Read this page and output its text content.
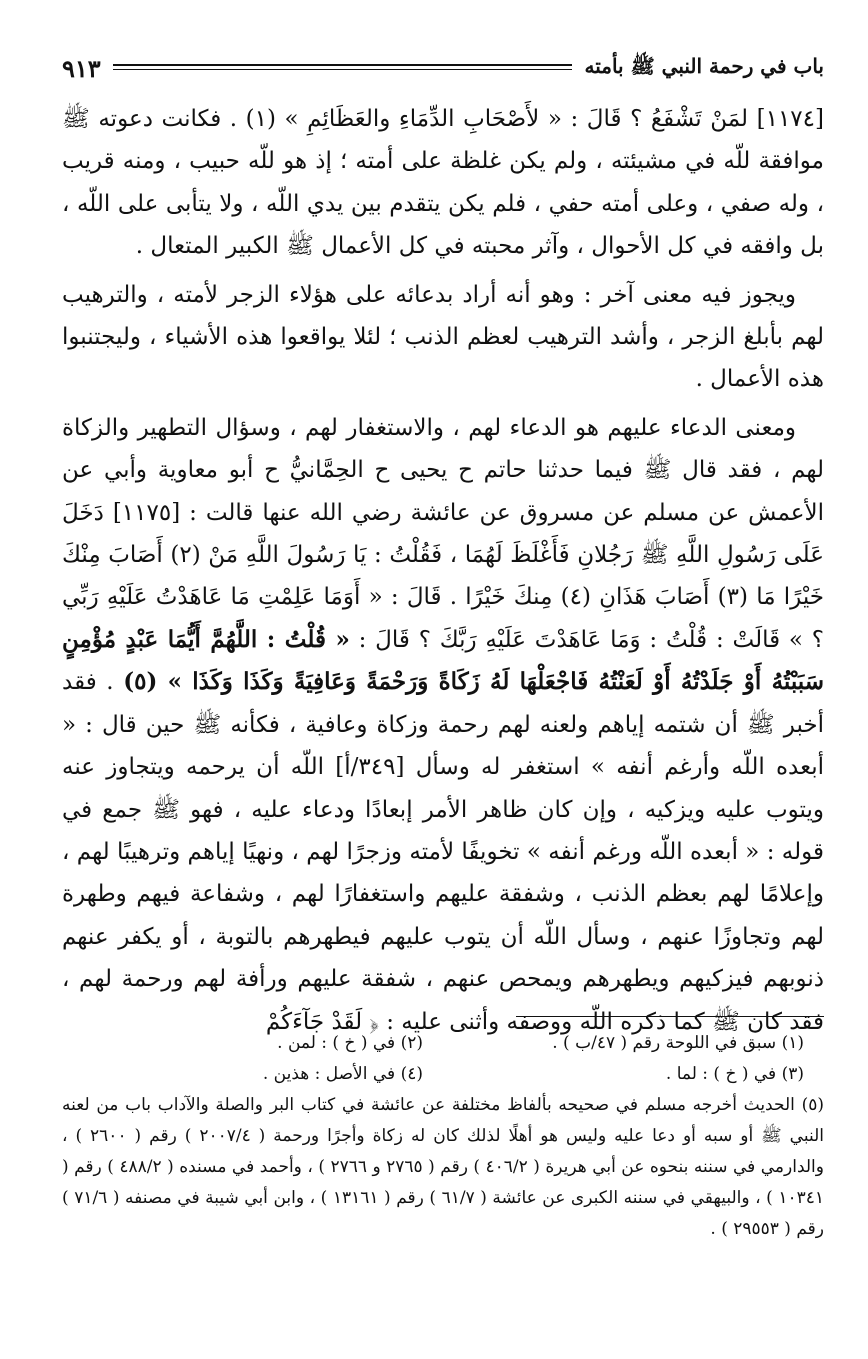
باب في رحمة النبي ﷺ بأمته
٩١٣

[١١٧٤] لمَنْ تَشْفَعُ ؟ قَالَ : « لأَصْحَابِ الدِّمَاءِ والعَظَائِمِ » (١) . فكانت دعوته ﷺ موافقة للّه في مشيئته ، ولم يكن غلظة على أمته ؛ إذ هو للّه حبيب ، ومنه قريب ، وله صفي ، وعلى أمته حفي ، فلم يكن يتقدم بين يدي اللّه ، ولا يتأبى على اللّه ، بل وافقه في كل الأحوال ، وآثر محبته في كل الأعمال ﷺ الكبير المتعال .

ويجوز فيه معنى آخر : وهو أنه أراد بدعائه على هؤلاء الزجر لأمته ، والترهيب لهم بأبلغ الزجر ، وأشد الترهيب لعظم الذنب ؛ لئلا يواقعوا هذه الأشياء ، وليجتنبوا هذه الأعمال .

ومعنى الدعاء عليهم هو الدعاء لهم ، والاستغفار لهم ، وسؤال التطهير والزكاة لهم ، فقد قال ﷺ فيما حدثنا حاتم ح يحيى ح الحِمَّانيُّ ح أبو معاوية وأبي عن الأعمش عن مسلم عن مسروق عن عائشة رضي الله عنها قالت : [١١٧٥] دَخَلَ عَلَى رَسُولِ اللَّهِ ﷺ رَجُلانِ فَأَغْلَظَ لَهُمَا ، فَقُلْتُ : يَا رَسُولَ اللَّهِ مَنْ (٢) أَصَابَ مِنْكَ خَيْرًا مَا (٣) أَصَابَ هَذَانِ (٤) مِنكَ خَيْرًا . قَالَ : « أَوَمَا عَلِمْتِ مَا عَاهَدْتُ عَلَيْهِ رَبِّي ؟ » قَالَتْ : قُلْتُ : وَمَا عَاهَدْتَ عَلَيْهِ رَبَّكَ ؟ قَالَ : « قُلْتُ : اللَّهُمَّ أَيُّمَا عَبْدٍ مُؤْمِنٍ سَبَبْتُهُ أَوْ جَلَدْتُهُ أَوْ لَعَنْتُهُ فَاجْعَلْهَا لَهُ زَكَاةً وَرَحْمَةً وَعَافِيَةً وَكَذَا وَكَذَا » (٥) . فقد أخبر ﷺ أن شتمه إياهم ولعنه لهم رحمة وزكاة وعافية ، فكأنه ﷺ حين قال : « أبعده اللّه وأرغم أنفه » استغفر له وسأل [٣٤٩/أ] اللّه أن يرحمه ويتجاوز عنه ويتوب عليه ويزكيه ، وإن كان ظاهر الأمر إبعادًا ودعاء عليه ، فهو ﷺ جمع في قوله : « أبعده اللّه ورغم أنفه » تخويفًا لأمته وزجرًا لهم ، ونهيًا إياهم وترهيبًا لهم ، وإعلامًا لهم بعظم الذنب ، وشفقة عليهم واستغفارًا لهم ، وشفاعة فيهم وطهرة لهم وتجاوزًا عنهم ، وسأل اللّه أن يتوب عليهم فيطهرهم بالتوبة ، أو يكفر عنهم ذنوبهم فيزكيهم ويطهرهم ويمحص عنهم ، شفقة عليهم ورأفة لهم ورحمة لهم ، فقد كان ﷺ كما ذكره اللّه ووصفه وأثنى عليه : ﴿ لَقَدْ جَآءَكُمْ

(١) سبق في اللوحة رقم ( ٤٧/ب ) .
(٢) في ( خ ) : لمن .
(٣) في ( خ ) : لما .
(٤) في الأصل : هذين .

(٥) الحديث أخرجه مسلم في صحيحه بألفاظ مختلفة عن عائشة في كتاب البر والصلة والآداب باب من لعنه النبي ﷺ أو سبه أو دعا عليه وليس هو أهلًا لذلك كان له زكاة وأجرًا ورحمة ( ٢٠٠٧/٤ ) رقم ( ٢٦٠٠ ) ، والدارمي في سننه بنحوه عن أبي هريرة ( ٤٠٦/٢ ) رقم ( ٢٧٦٥ و ٢٧٦٦ ) ، وأحمد في مسنده ( ٤٨٨/٢ ) رقم ( ١٠٣٤١ ) ، والبيهقي في سننه الكبرى عن عائشة ( ٦١/٧ ) رقم ( ١٣١٦١ ) ، وابن أبي شيبة في مصنفه ( ٧١/٦ ) رقم ( ٢٩٥٥٣ ) .
